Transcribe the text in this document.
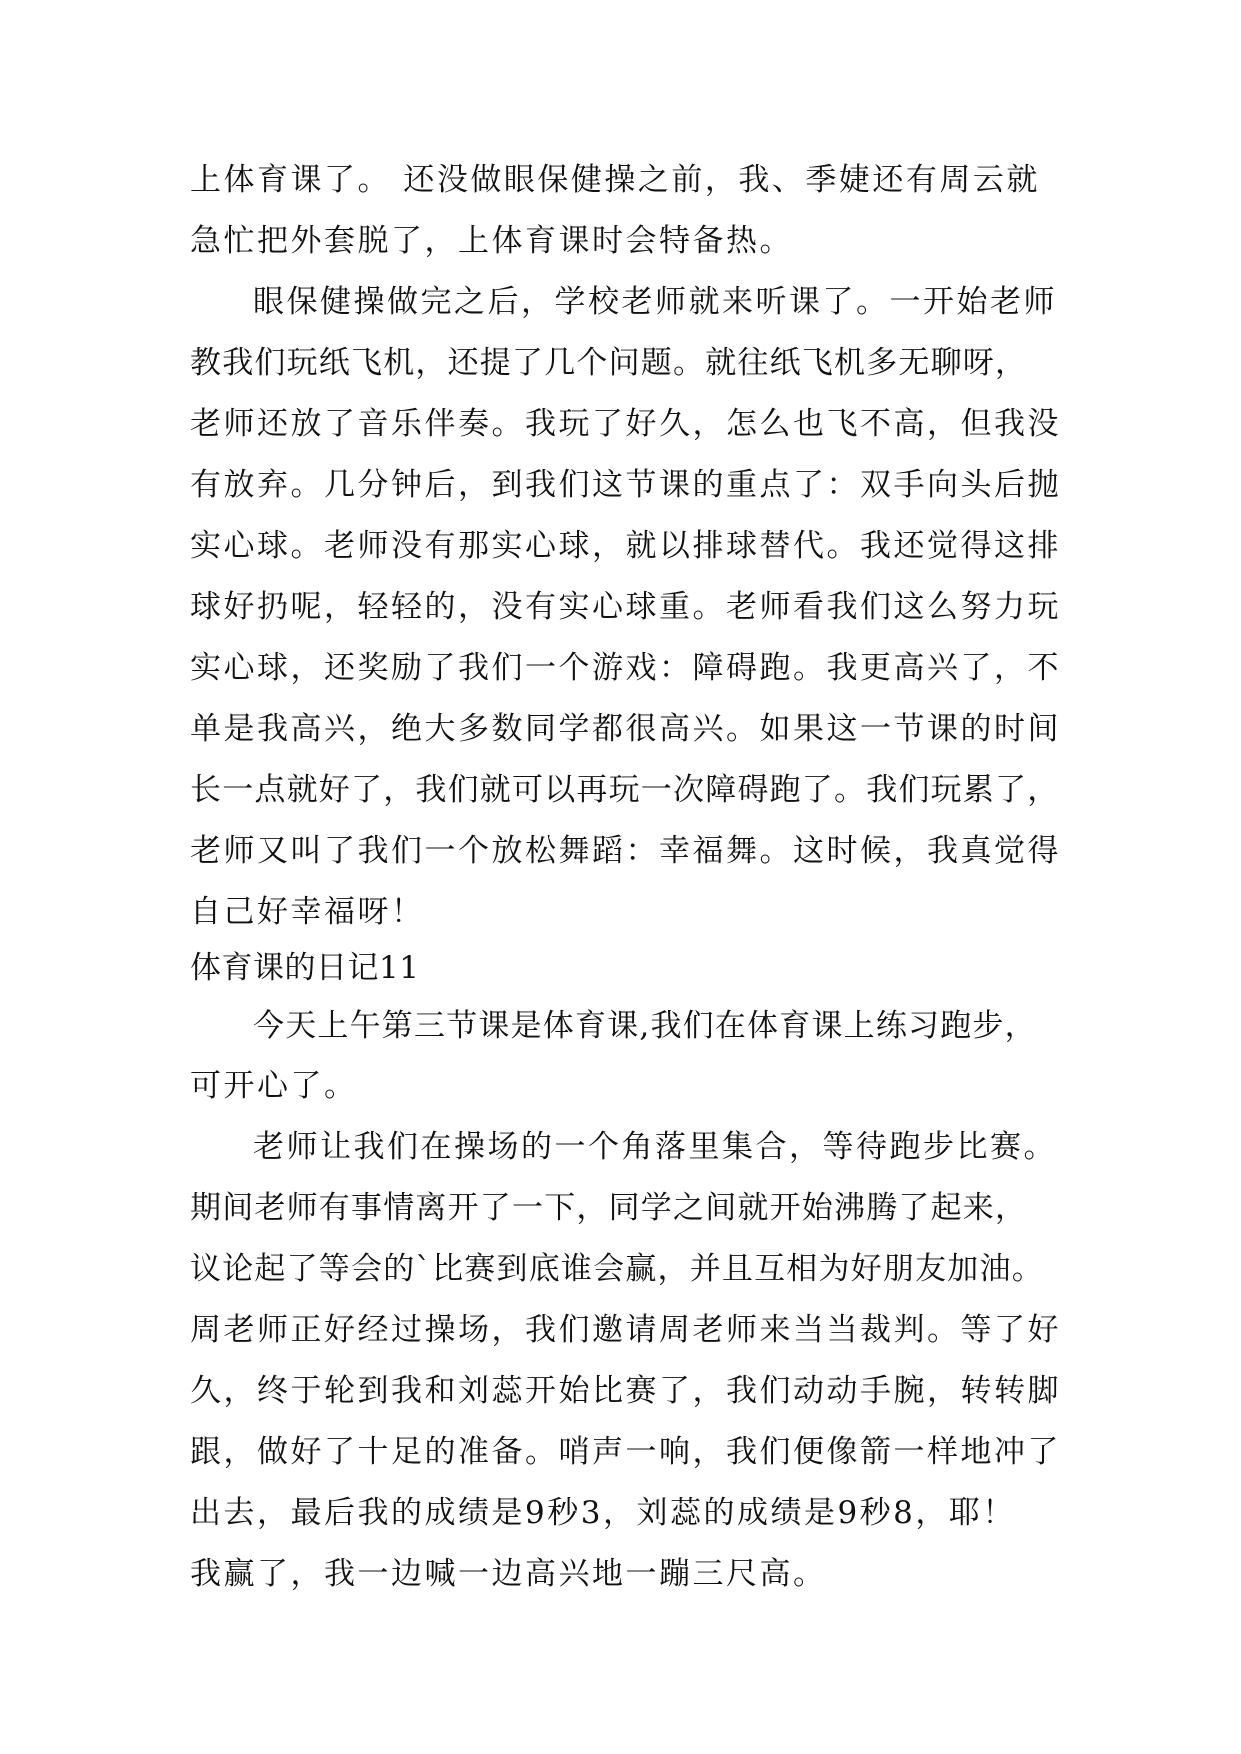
上体育课了。 还没做眼保健操之前，我、季婕还有周云就
急忙把外套脱了，上体育课时会特备热。
眼保健操做完之后，学校老师就来听课了。一开始老师
教我们玩纸飞机，还提了几个问题。就往纸飞机多无聊呀，
老师还放了音乐伴奏。我玩了好久，怎么也飞不高，但我没
有放弃。几分钟后，到我们这节课的重点了：双手向头后抛
实心球。老师没有那实心球，就以排球替代。我还觉得这排
球好扔呢，轻轻的，没有实心球重。老师看我们这么努力玩
实心球，还奖励了我们一个游戏：障碍跑。我更高兴了，不
单是我高兴，绝大多数同学都很高兴。如果这一节课的时间
长一点就好了，我们就可以再玩一次障碍跑了。我们玩累了，
老师又叫了我们一个放松舞蹈：幸福舞。这时候，我真觉得
自己好幸福呀！
体育课的日记11
今天上午第三节课是体育课,我们在体育课上练习跑步，
可开心了。
老师让我们在操场的一个角落里集合，等待跑步比赛。
期间老师有事情离开了一下，同学之间就开始沸腾了起来，
议论起了等会的`比赛到底谁会赢，并且互相为好朋友加油。
周老师正好经过操场，我们邀请周老师来当当裁判。等了好
久，终于轮到我和刘蕊开始比赛了，我们动动手腕，转转脚
跟，做好了十足的准备。哨声一响，我们便像箭一样地冲了
出去，最后我的成绩是9秒3，刘蕊的成绩是9秒8，耶！
我赢了，我一边喊一边高兴地一蹦三尺高。
